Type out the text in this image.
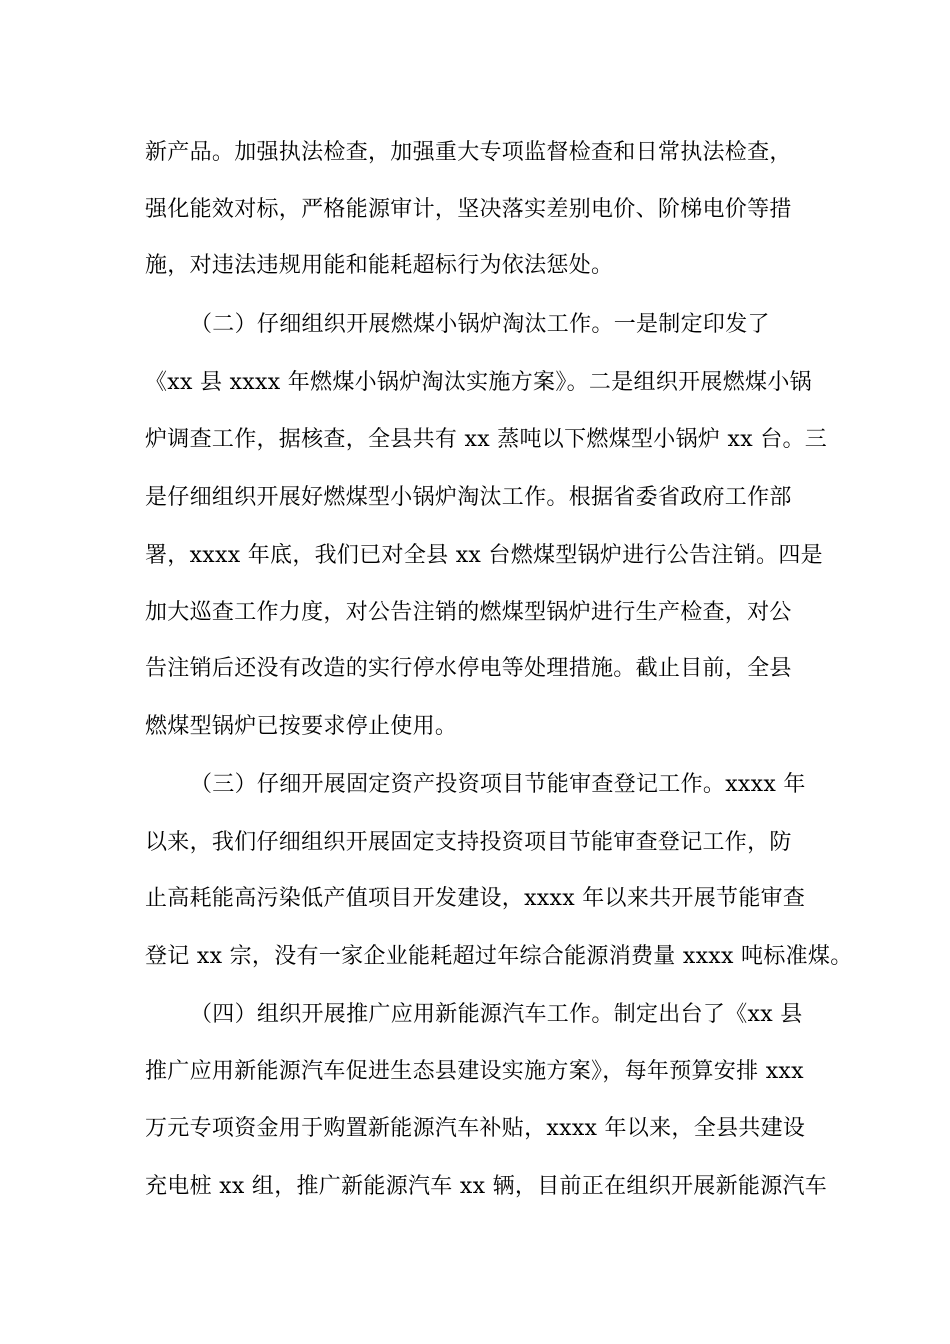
新产品。加强执法检查，加强重大专项监督检查和日常执法检查，
强化能效对标，严格能源审计，坚决落实差别电价、阶梯电价等措
施，对违法违规用能和能耗超标行为依法惩处。
（二）仔细组织开展燃煤小锅炉淘汰工作。一是制定印发了
《xx 县 xxxx 年燃煤小锅炉淘汰实施方案》。二是组织开展燃煤小锅
炉调查工作，据核查，全县共有 xx 蒸吨以下燃煤型小锅炉 xx 台。三
是仔细组织开展好燃煤型小锅炉淘汰工作。根据省委省政府工作部
署，xxxx 年底，我们已对全县 xx 台燃煤型锅炉进行公告注销。四是
加大巡查工作力度，对公告注销的燃煤型锅炉进行生产检查，对公
告注销后还没有改造的实行停水停电等处理措施。截止目前，全县
燃煤型锅炉已按要求停止使用。
（三）仔细开展固定资产投资项目节能审查登记工作。xxxx 年
以来，我们仔细组织开展固定支持投资项目节能审查登记工作，防
止高耗能高污染低产值项目开发建设，xxxx 年以来共开展节能审查
登记 xx 宗，没有一家企业能耗超过年综合能源消费量 xxxx 吨标准煤。
（四）组织开展推广应用新能源汽车工作。制定出台了《xx 县
推广应用新能源汽车促进生态县建设实施方案》，每年预算安排 xxx
万元专项资金用于购置新能源汽车补贴，xxxx 年以来，全县共建设
充电桩 xx 组，推广新能源汽车 xx 辆，目前正在组织开展新能源汽车
